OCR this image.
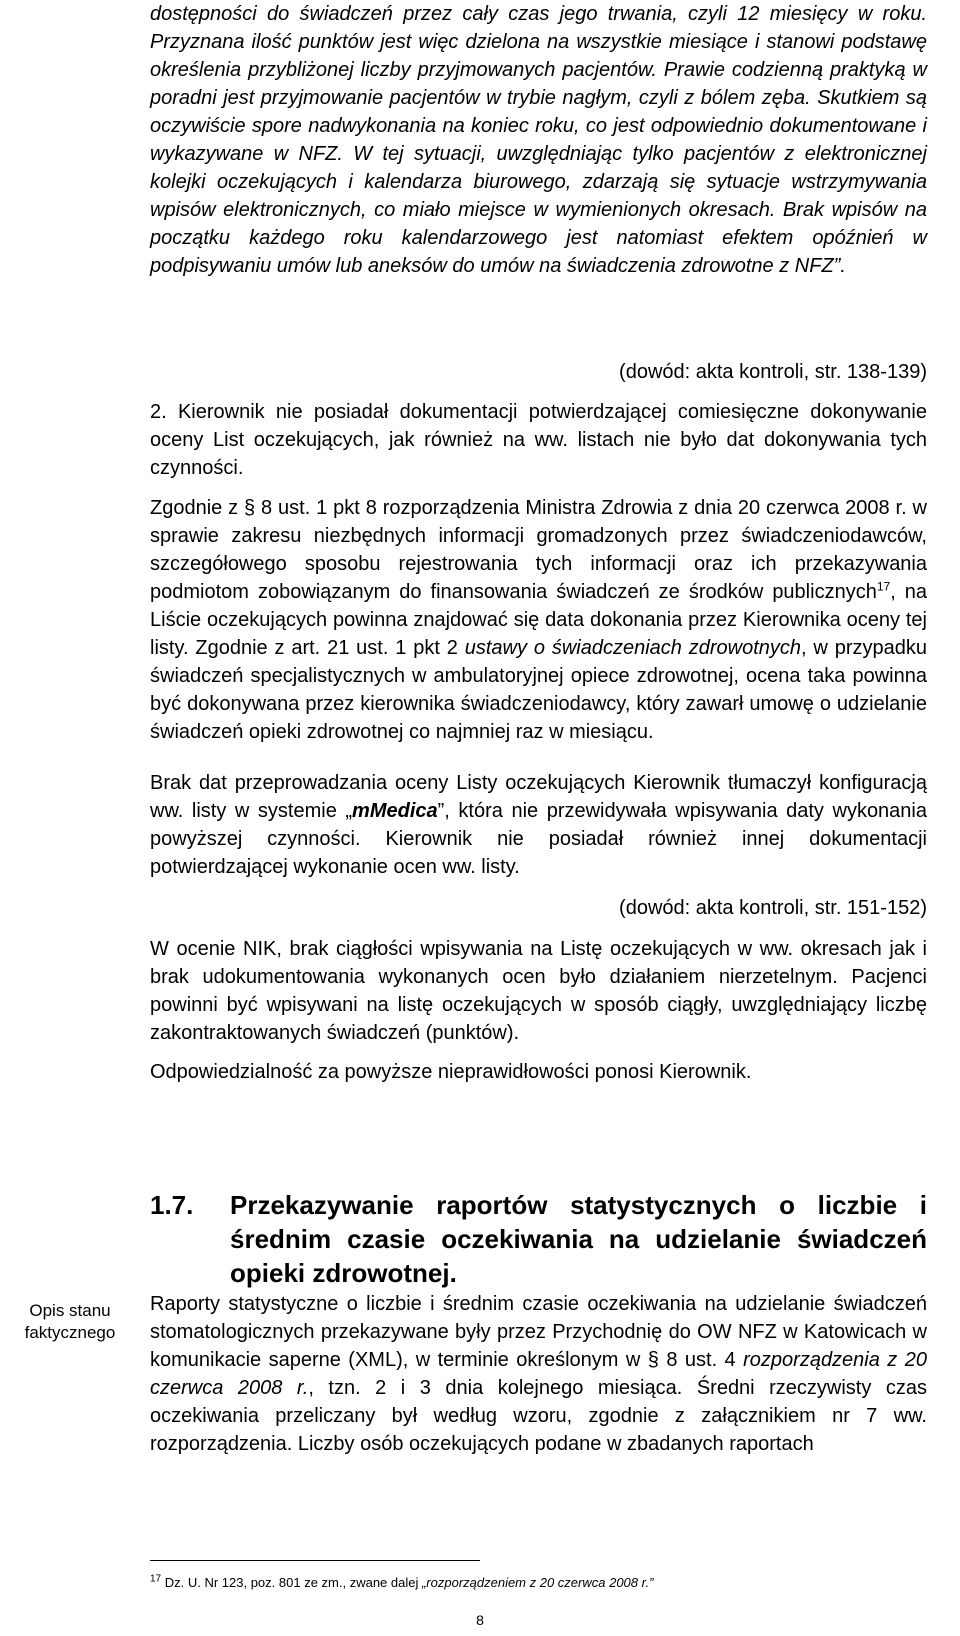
dostępności do świadczeń przez cały czas jego trwania, czyli 12 miesięcy w roku. Przyznana ilość punktów jest więc dzielona na wszystkie miesiące i stanowi podstawę określenia przybliżonej liczby przyjmowanych pacjentów. Prawie codzienną praktyką w poradni jest przyjmowanie pacjentów w trybie nagłym, czyli z bólem zęba. Skutkiem są oczywiście spore nadwykonania na koniec roku, co jest odpowiednio dokumentowane i wykazywane w NFZ. W tej sytuacji, uwzględniając tylko pacjentów z elektronicznej kolejki oczekujących i kalendarza biurowego, zdarzają się sytuacje wstrzymywania wpisów elektronicznych, co miało miejsce w wymienionych okresach. Brak wpisów na początku każdego roku kalendarzowego jest natomiast efektem opóźnień w podpisywaniu umów lub aneksów do umów na świadczenia zdrowotne z NFZ”.

(dowód: akta kontroli, str. 138-139)

2. Kierownik nie posiadał dokumentacji potwierdzającej comiesięczne dokonywanie oceny List oczekujących, jak również na ww. listach nie było dat dokonywania tych czynności.

Zgodnie z § 8 ust. 1 pkt 8 rozporządzenia Ministra Zdrowia z dnia 20 czerwca 2008 r. w sprawie zakresu niezbędnych informacji gromadzonych przez świadczeniodawców, szczegółowego sposobu rejestrowania tych informacji oraz ich przekazywania podmiotom zobowiązanym do finansowania świadczeń ze środków publicznych$^{17}$, na Liście oczekujących powinna znajdować się data dokonania przez Kierownika oceny tej listy. Zgodnie z art. 21 ust. 1 pkt 2 ustawy o świadczeniach zdrowotnych, w przypadku świadczeń specjalistycznych w ambulatoryjnej opiece zdrowotnej, ocena taka powinna być dokonywana przez kierownika świadczeniodawcy, który zawarł umowę o udzielanie świadczeń opieki zdrowotnej co najmniej raz w miesiącu.

Brak dat przeprowadzania oceny Listy oczekujących Kierownik tłumaczył konfiguracją ww. listy w systemie „mMedica”, która nie przewidywała wpisywania daty wykonania powyższej czynności. Kierownik nie posiadał również innej dokumentacji potwierdzającej wykonanie ocen ww. listy.

(dowód: akta kontroli, str. 151-152)

W ocenie NIK, brak ciągłości wpisywania na Listę oczekujących w ww. okresach jak i brak udokumentowania wykonanych ocen było działaniem nierzetelnym. Pacjenci powinni być wpisywani na listę oczekujących w sposób ciągły, uwzględniający liczbę zakontraktowanych świadczeń (punktów).

Odpowiedzialność za powyższe nieprawidłowości ponosi Kierownik.

Raporty statystyczne o liczbie i średnim czasie oczekiwania na udzielanie świadczeń stomatologicznych przekazywane były przez Przychodnię do OW NFZ w Katowicach w komunikacie saperne (XML), w terminie określonym w § 8 ust. 4 rozporządzenia z 20 czerwca 2008 r., tzn. 2 i 3 dnia kolejnego miesiąca. Średni rzeczywisty czas oczekiwania przeliczany był według wzoru, zgodnie z załącznikiem nr 7 ww. rozporządzenia. Liczby osób oczekujących podane w zbadanych raportach

1.7.	Przekazywanie raportów statystycznych o liczbie i średnim czasie oczekiwania na udzielanie świadczeń opieki zdrowotnej.
Opis stanu faktycznego
$^{17}$ Dz. U. Nr 123, poz. 801 ze zm., zwane dalej „rozporządzeniem z 20 czerwca 2008 r.”
8
